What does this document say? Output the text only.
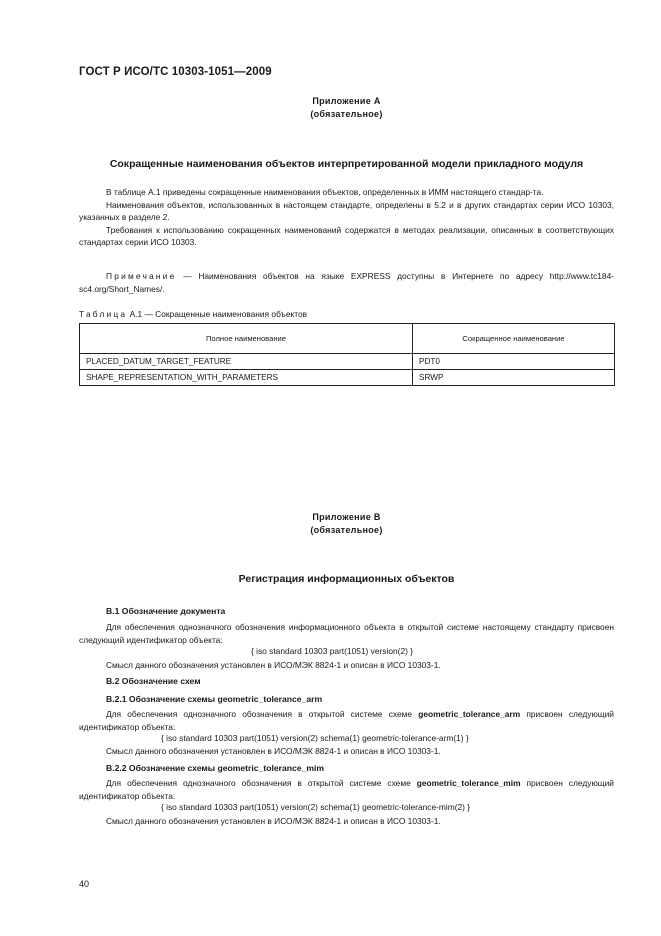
ГОСТ Р ИСО/ТС 10303-1051—2009
Приложение А
(обязательное)
Сокращенные наименования объектов интерпретированной модели прикладного модуля
В таблице А.1 приведены сокращенные наименования объектов, определенных в ИММ настоящего стандар-та.
Наименования объектов, использованных в настоящем стандарте, определены в 5.2 и в других стандартах серии ИСО 10303, указанных в разделе 2.
Требования к использованию сокращенных наименований содержатся в методах реализации, описанных в соответствующих стандартах серии ИСО 10303.
Примечание — Наименования объектов на языке EXPRESS доступны в Интернете по адресу http://www.tc184-sc4.org/Short_Names/.
Таблица А.1 — Сокращенные наименования объектов
Полное наименование	Сокращенное наименование
PLACED_DATUM_TARGET_FEATURE	PDT0
SHAPE_REPRESENTATION_WITH_PARAMETERS	SRWP
Приложение В
(обязательное)
Регистрация информационных объектов
В.1 Обозначение документа
Для обеспечения однозначного обозначения информационного объекта в открытой системе настоящему стандарту присвоен следующий идентификатор объекта:
{ iso standard 10303 part(1051) version(2) }
Смысл данного обозначения установлен в ИСО/МЭК 8824-1 и описан в ИСО 10303-1.
В.2 Обозначение схем
В.2.1 Обозначение схемы geometric_tolerance_arm
Для обеспечения однозначного обозначения в открытой системе схеме geometric_tolerance_arm присвоен следующий идентификатор объекта:
{ iso standard 10303 part(1051) version(2) schema(1) geometric-tolerance-arm(1) }
Смысл данного обозначения установлен в ИСО/МЭК 8824-1 и описан в ИСО 10303-1.
В.2.2 Обозначение схемы geometric_tolerance_mim
Для обеспечения однозначного обозначения в открытой системе схеме geometric_tolerance_mim присвоен следующий идентификатор объекта:
{ iso standard 10303 part(1051) version(2) schema(1) geometric-tolerance-mim(2) }
Смысл данного обозначения установлен в ИСО/МЭК 8824-1 и описан в ИСО 10303-1.
40
